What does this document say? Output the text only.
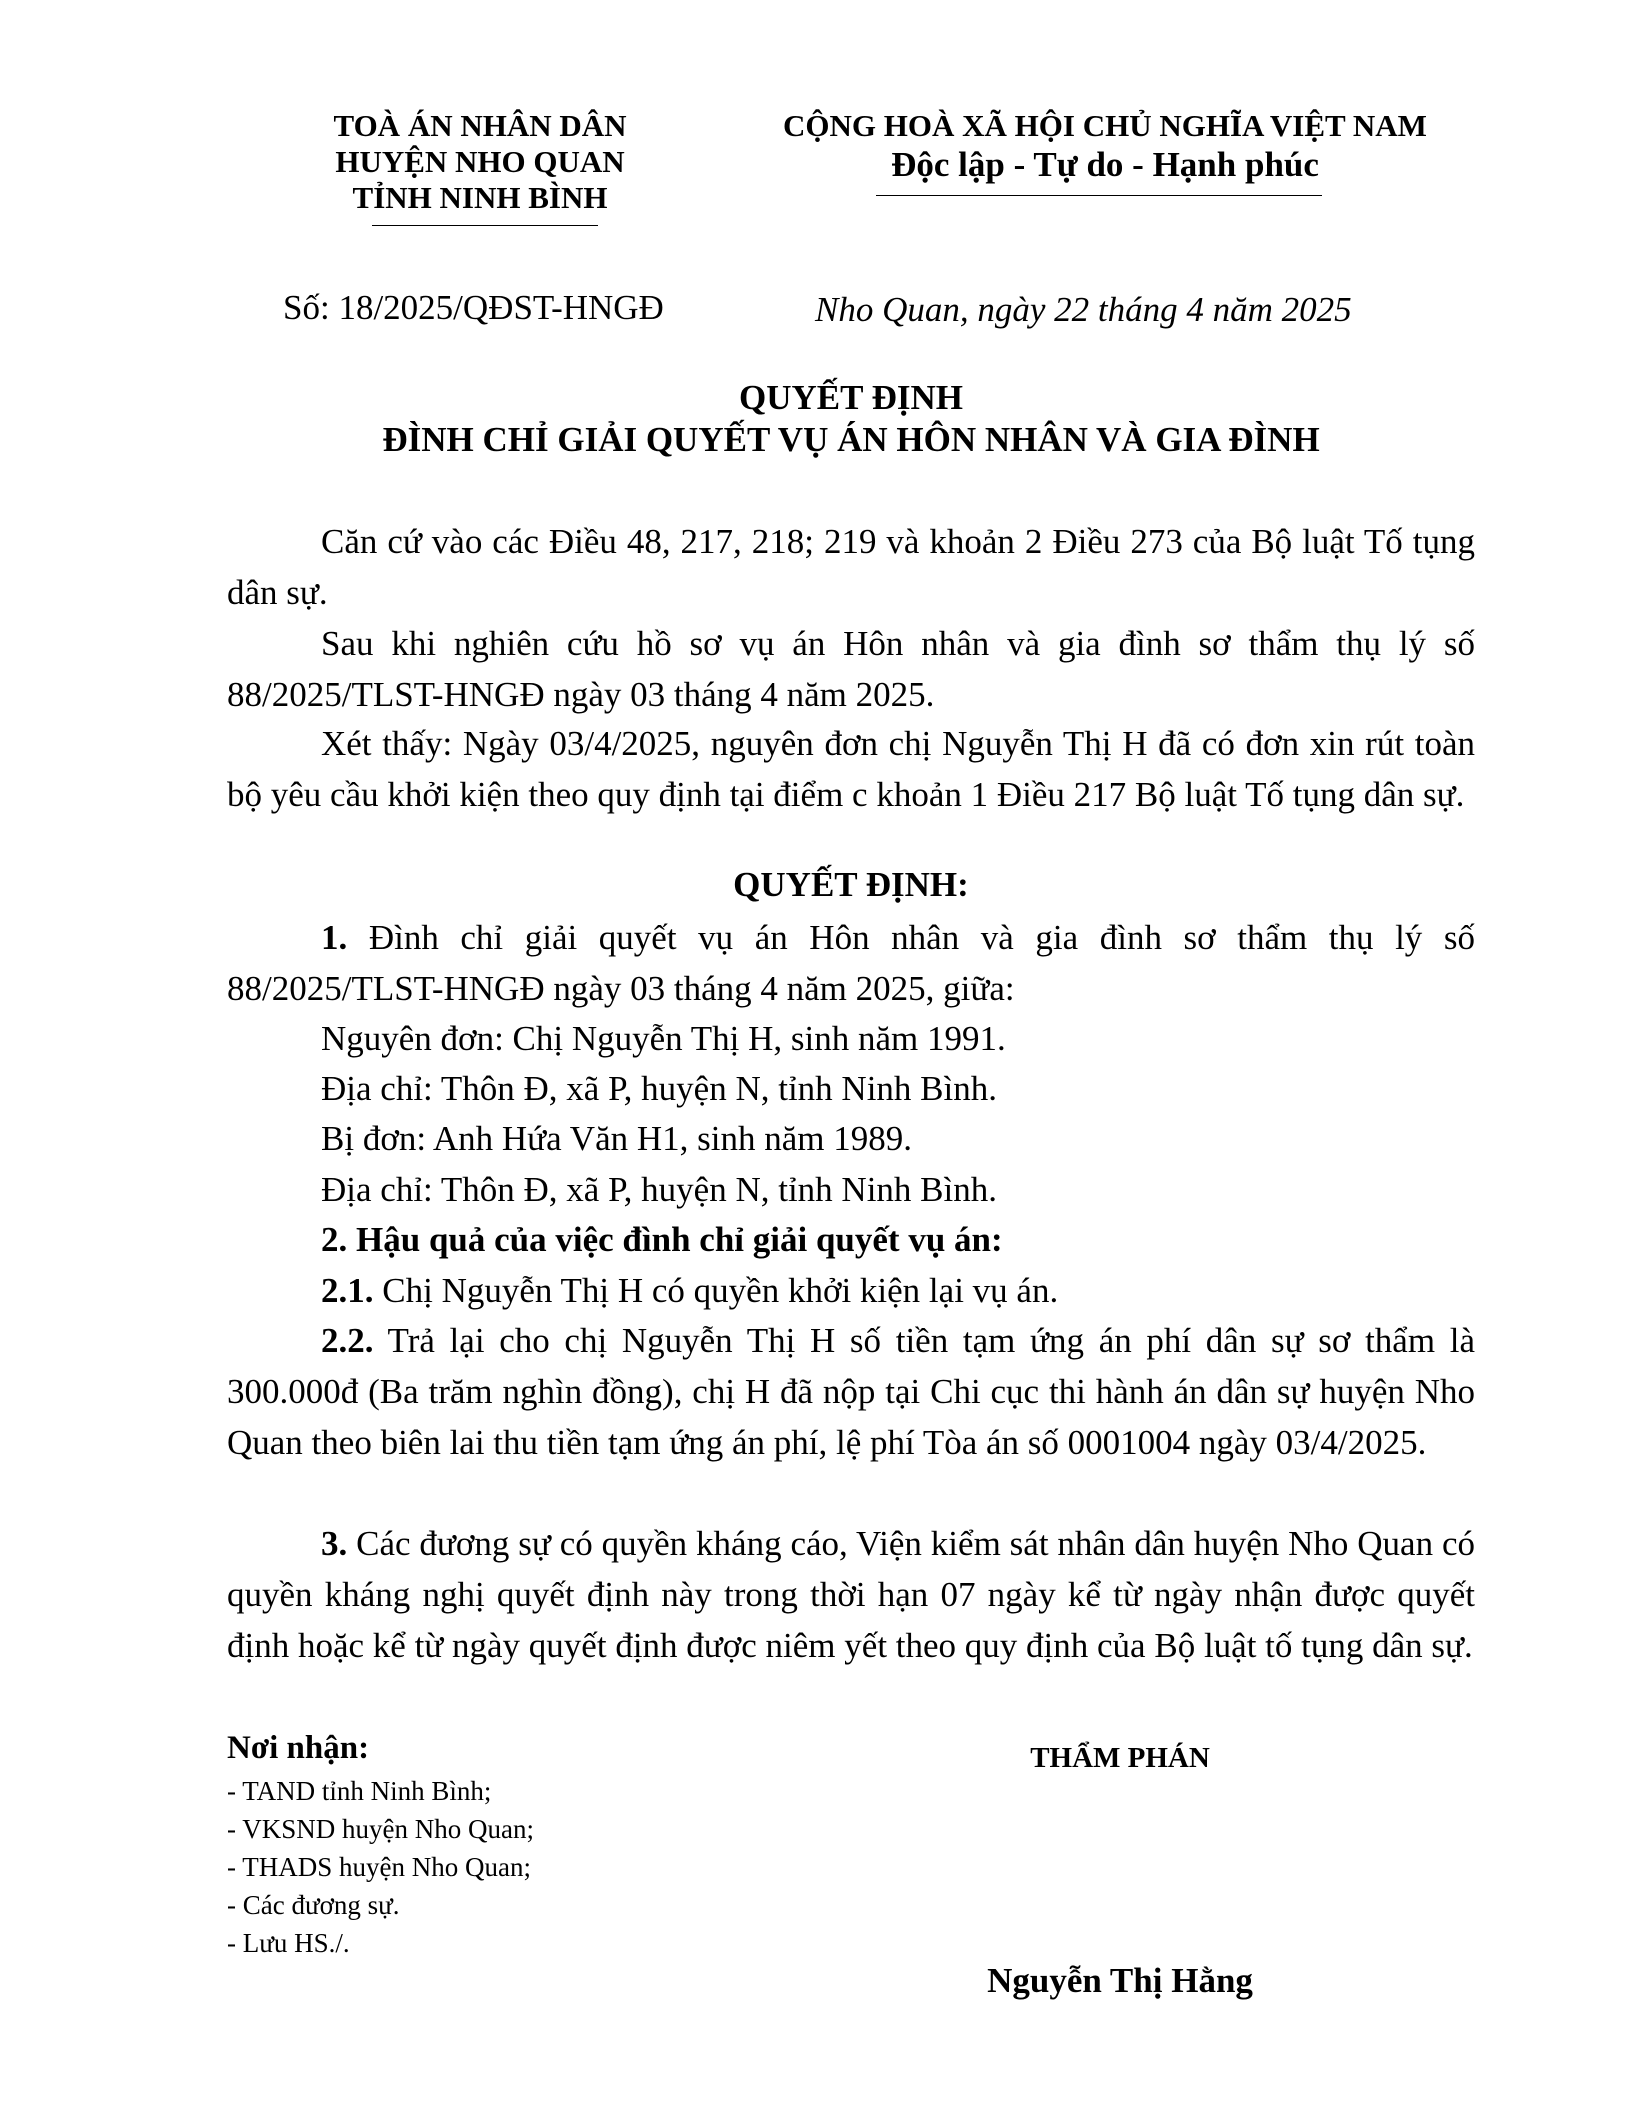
TOÀ ÁN NHÂN DÂN
HUYỆN NHO QUAN
TỈNH NINH BÌNH
CỘNG HOÀ XÃ HỘI CHỦ NGHĨA VIỆT NAM
Độc lập - Tự do - Hạnh phúc
Số: 18/2025/QĐST-HNGĐ	Nho Quan, ngày 22 tháng 4 năm 2025
QUYẾT ĐỊNH
ĐÌNH CHỈ GIẢI QUYẾT VỤ ÁN HÔN NHÂN VÀ GIA ĐÌNH
Căn cứ vào các Điều 48, 217, 218; 219 và khoản 2 Điều 273 của Bộ luật Tố tụng dân sự.
Sau khi nghiên cứu hồ sơ vụ án Hôn nhân và gia đình sơ thẩm thụ lý số 88/2025/TLST-HNGĐ ngày 03 tháng 4 năm 2025.
Xét thấy: Ngày 03/4/2025, nguyên đơn chị Nguyễn Thị H đã có đơn xin rút toàn bộ yêu cầu khởi kiện theo quy định tại điểm c khoản 1 Điều 217 Bộ luật Tố tụng dân sự.
QUYẾT ĐỊNH:
1. Đình chỉ giải quyết vụ án Hôn nhân và gia đình sơ thẩm thụ lý số 88/2025/TLST-HNGĐ ngày 03 tháng 4 năm 2025, giữa:
Nguyên đơn: Chị Nguyễn Thị H, sinh năm 1991.
Địa chỉ: Thôn Đ, xã P, huyện N, tỉnh Ninh Bình.
Bị đơn: Anh Hứa Văn H1, sinh năm 1989.
Địa chỉ: Thôn Đ, xã P, huyện N, tỉnh Ninh Bình.
2. Hậu quả của việc đình chỉ giải quyết vụ án:
2.1. Chị Nguyễn Thị H có quyền khởi kiện lại vụ án.
2.2. Trả lại cho chị Nguyễn Thị H số tiền tạm ứng án phí dân sự sơ thẩm là 300.000đ (Ba trăm nghìn đồng), chị H đã nộp tại Chi cục thi hành án dân sự huyện Nho Quan theo biên lai thu tiền tạm ứng án phí, lệ phí Tòa án số 0001004 ngày 03/4/2025.
3. Các đương sự có quyền kháng cáo, Viện kiểm sát nhân dân huyện Nho Quan có quyền kháng nghị quyết định này trong thời hạn 07 ngày kể từ ngày nhận được quyết định hoặc kể từ ngày quyết định được niêm yết theo quy định của Bộ luật tố tụng dân sự.
Nơi nhận:
- TAND tỉnh Ninh Bình;
- VKSND huyện Nho Quan;
- THADS huyện Nho Quan;
- Các đương sự.
- Lưu HS./.
THẨM PHÁN
Nguyễn Thị Hằng
